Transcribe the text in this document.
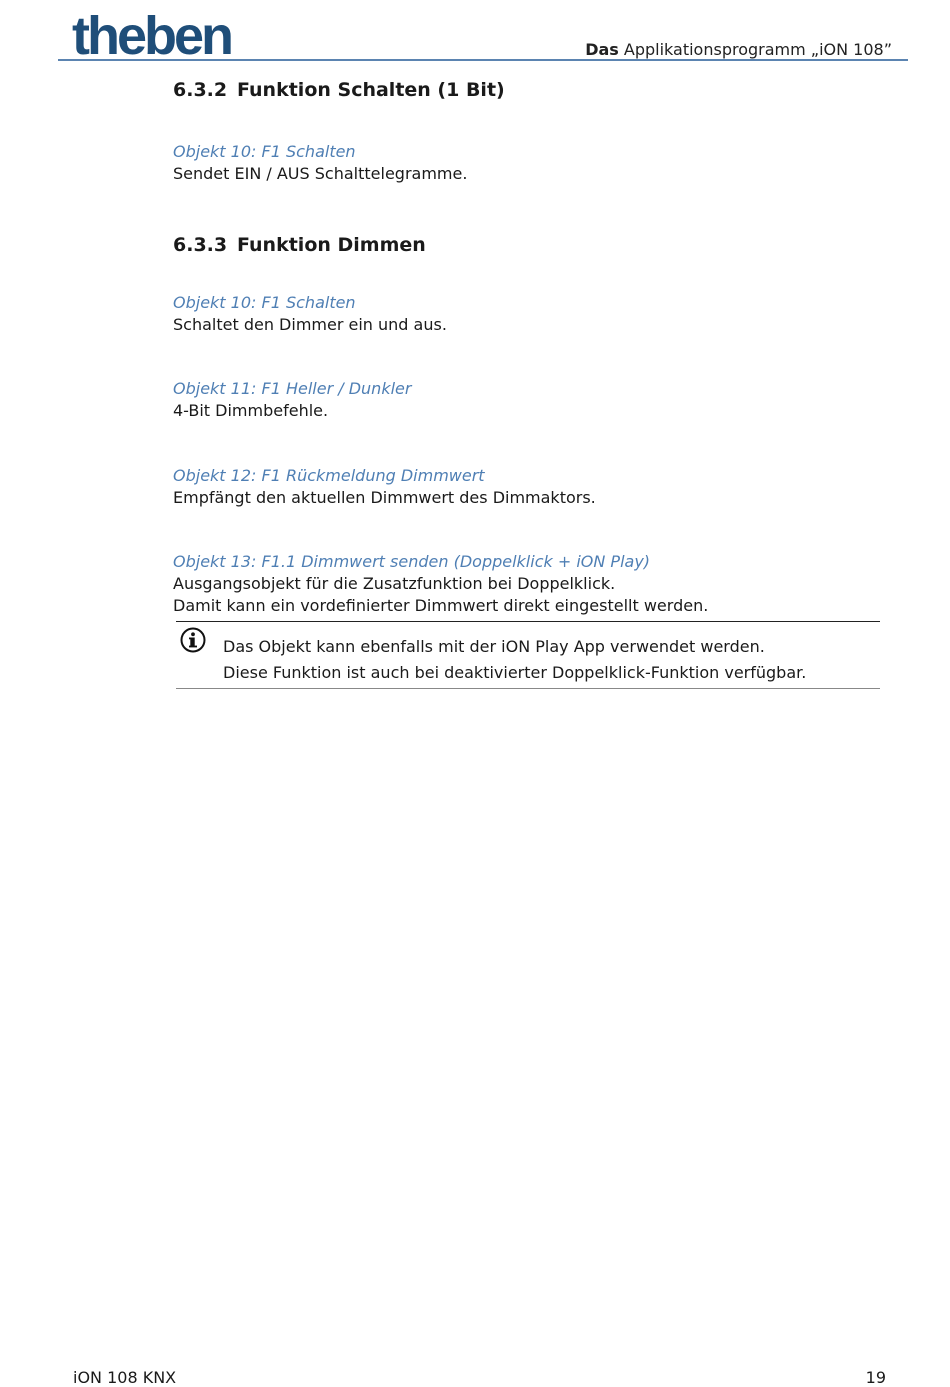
theben	Das Applikationsprogramm „iON 108”
6.3.2 Funktion Schalten (1 Bit)
Objekt 10: F1 Schalten
Sendet EIN / AUS Schalttelegramme.
6.3.3 Funktion Dimmen
Objekt 10: F1 Schalten
Schaltet den Dimmer ein und aus.
Objekt 11: F1 Heller / Dunkler
4-Bit Dimmbefehle.
Objekt 12: F1 Rückmeldung Dimmwert
Empfängt den aktuellen Dimmwert des Dimmaktors.
Objekt 13: F1.1 Dimmwert senden (Doppelklick + iON Play)
Ausgangsobjekt für die Zusatzfunktion bei Doppelklick.
Damit kann ein vordefinierter Dimmwert direkt eingestellt werden.
Das Objekt kann ebenfalls mit der iON Play App verwendet werden.
Diese Funktion ist auch bei deaktivierter Doppelklick-Funktion verfügbar.
iON 108 KNX	19
